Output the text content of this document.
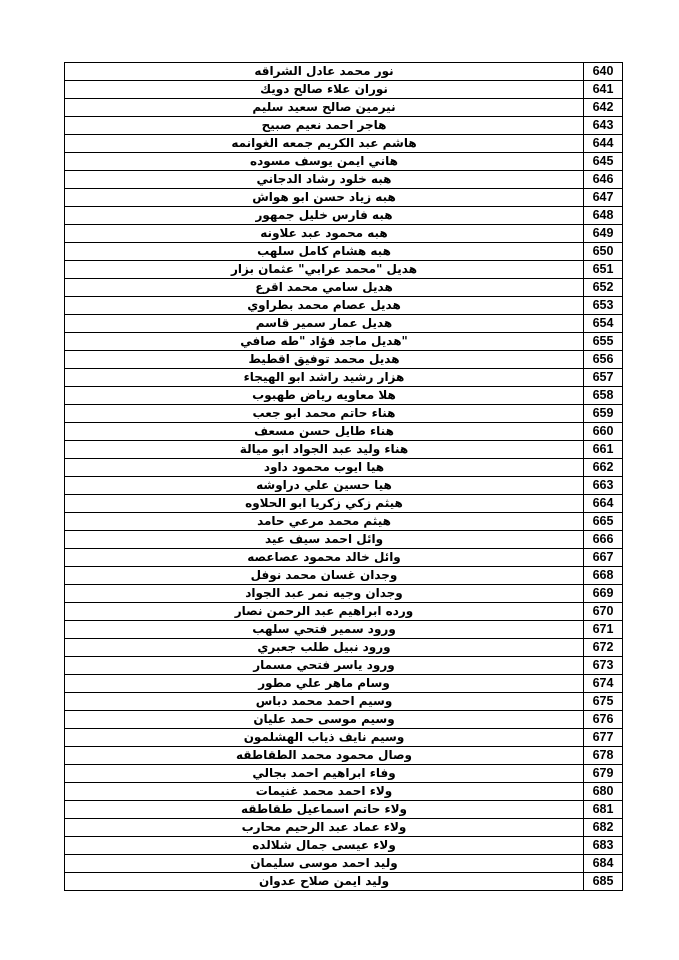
نور محمد عادل الشراقه	640
نوران علاء صالح دويك	641
نيرمين صالح سعيد سليم	642
هاجر احمد نعيم صبيح	643
هاشم عبد الكريم جمعه الغوانمه	644
هاني ايمن يوسف مسوده	645
هبه خلود رشاد الدجاني	646
هبه زياد حسن ابو هواش	647
هبه فارس خليل جمهور	648
هبه محمود عبد علاونه	649
هبه هشام كامل سلهب	650
هديل "محمد عرابي" عثمان بزار	651
هديل سامي محمد اقرع	652
هديل عصام محمد بطراوي	653
هديل عمار سمير قاسم	654
"هديل ماجد فؤاد "طه صافي	655
هديل محمد توفيق اقطيط	656
هزار رشيد راشد ابو الهيجاء	657
هلا معاويه رياض طهبوب	658
هناء حاتم محمد ابو جعب	659
هناء طايل حسن مسعف	660
هناء وليد عبد الجواد ابو ميالة	661
هيا ايوب محمود داود	662
هيا حسين علي دراوشه	663
هيثم زكي زكريا ابو الحلاوه	664
هيثم محمد مرعي حامد	665
وائل احمد سيف عيد	666
وائل خالد محمود عصاعصه	667
وجدان غسان محمد نوفل	668
وجدان وجيه نمر عبد الجواد	669
ورده ابراهيم عبد الرحمن نصار	670
ورود سمير فتحي سلهب	671
ورود نبيل طلب جعبري	672
ورود ياسر فتحي مسمار	673
وسام ماهر علي مطور	674
وسيم احمد محمد دباس	675
وسيم موسى حمد عليان	676
وسيم نايف ذياب الهشلمون	677
وصال محمود محمد الطقاطقه	678
وفاء ابراهيم احمد بجالي	679
ولاء احمد محمد غنيمات	680
ولاء حاتم اسماعيل طقاطقه	681
ولاء عماد عبد الرحيم محارب	682
ولاء عيسى جمال شلالده	683
وليد احمد موسى سليمان	684
وليد ايمن صلاح عدوان	685
